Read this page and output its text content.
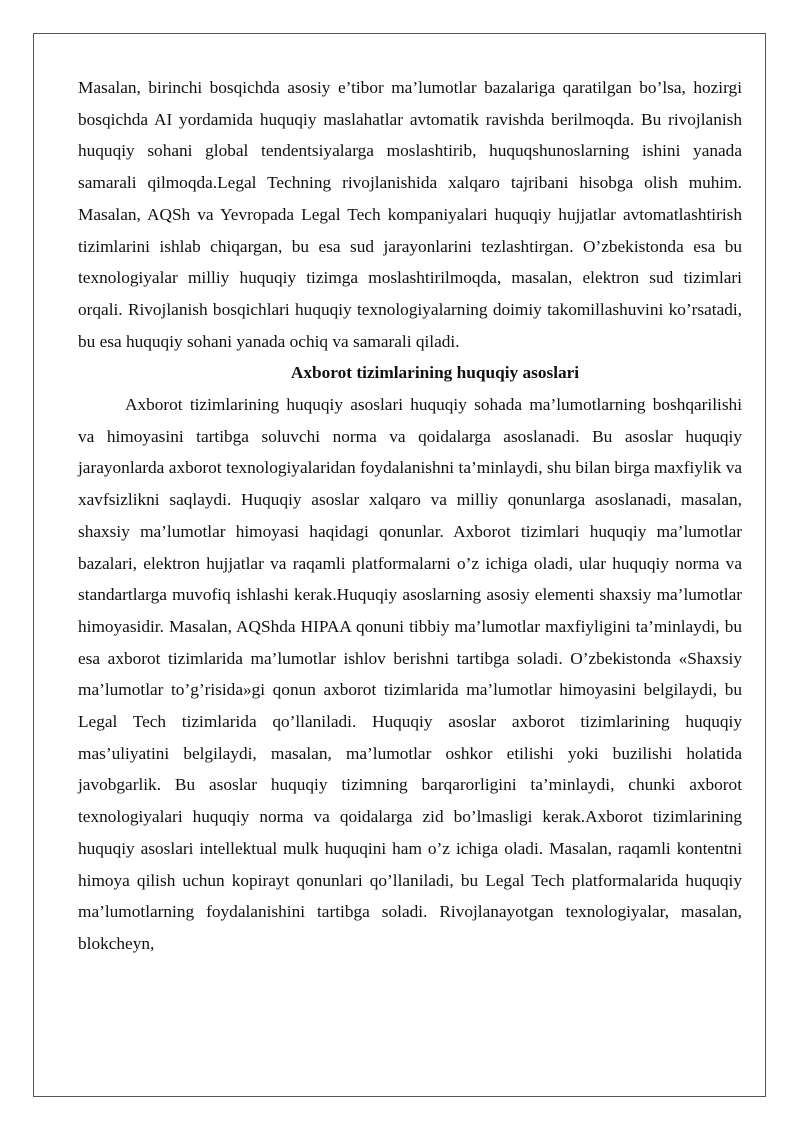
Masalan, birinchi bosqichda asosiy e’tibor ma’lumotlar bazalariga qaratilgan bo’lsa, hozirgi bosqichda AI yordamida huquqiy maslahatlar avtomatik ravishda berilmoqda. Bu rivojlanish huquqiy sohani global tendentsiyalarga moslashtirib, huquqshunoslarning ishini yanada samarali qilmoqda.Legal Techning rivojlanishida xalqaro tajribani hisobga olish muhim. Masalan, AQSh va Yevropada Legal Tech kompaniyalari huquqiy hujjatlar avtomatlashtirish tizimlarini ishlab chiqargan, bu esa sud jarayonlarini tezlashtirgan. O’zbekistonda esa bu texnologiyalar milliy huquqiy tizimga moslashtirilmoqda, masalan, elektron sud tizimlari orqali. Rivojlanish bosqichlari huquqiy texnologiyalarning doimiy takomillashuvini ko’rsatadi, bu esa huquqiy sohani yanada ochiq va samarali qiladi.

Axborot tizimlarining huquqiy asoslari

Axborot tizimlarining huquqiy asoslari huquqiy sohada ma’lumotlarning boshqarilishi va himoyasini tartibga soluvchi norma va qoidalarga asoslanadi. Bu asoslar huquqiy jarayonlarda axborot texnologiyalaridan foydalanishni ta’minlaydi, shu bilan birga maxfiylik va xavfsizlikni saqlaydi. Huquqiy asoslar xalqaro va milliy qonunlarga asoslanadi, masalan, shaxsiy ma’lumotlar himoyasi haqidagi qonunlar. Axborot tizimlari huquqiy ma’lumotlar bazalari, elektron hujjatlar va raqamli platformalarni o’z ichiga oladi, ular huquqiy norma va standartlarga muvofiq ishlashi kerak.Huquqiy asoslarning asosiy elementi shaxsiy ma’lumotlar himoyasidir. Masalan, AQShda HIPAA qonuni tibbiy ma’lumotlar maxfiyligini ta’minlaydi, bu esa axborot tizimlarida ma’lumotlar ishlov berishni tartibga soladi. O’zbekistonda «Shaxsiy ma’lumotlar to’g’risida»gi qonun axborot tizimlarida ma’lumotlar himoyasini belgilaydi, bu Legal Tech tizimlarida qo’llaniladi. Huquqiy asoslar axborot tizimlarining huquqiy mas’uliyatini belgilaydi, masalan, ma’lumotlar oshkor etilishi yoki buzilishi holatida javobgarlik. Bu asoslar huquqiy tizimning barqarorligini ta’minlaydi, chunki axborot texnologiyalari huquqiy norma va qoidalarga zid bo’lmasligi kerak.Axborot tizimlarining huquqiy asoslari intellektual mulk huquqini ham o’z ichiga oladi. Masalan, raqamli kontentni himoya qilish uchun kopirayt qonunlari qo’llaniladi, bu Legal Tech platformalarida huquqiy ma’lumotlarning foydalanishini tartibga soladi. Rivojlanayotgan texnologiyalar, masalan, blokcheyn,
